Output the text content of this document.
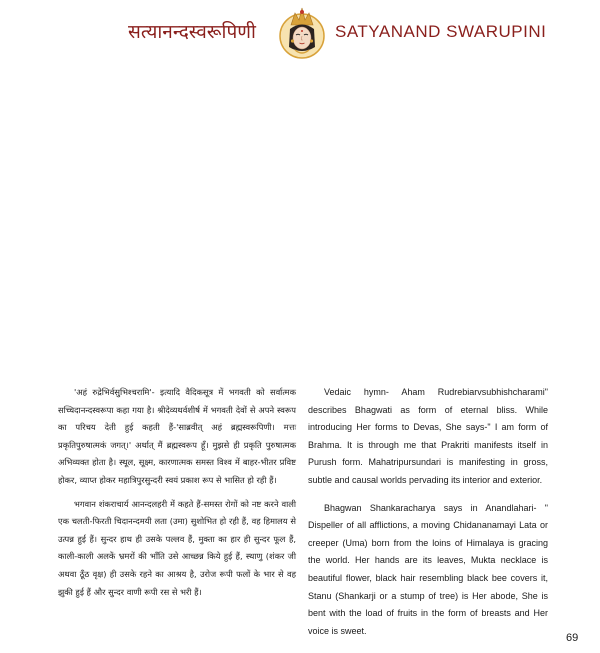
सत्यानन्दस्वरूपिणी	SATYANAND SWARUPINI

'अहं रुद्रेभिर्वसुभिश्चरामि'- इत्यादि वैदिकसूत्र में भगवती को सर्वात्मक सच्चिदानन्दस्वरूपा कहा गया है। श्रीदेव्यथर्वशीर्ष में भगवती देवों से अपने स्वरूप का परिचय देती हुई कहती हैं-'साब्रवीत् अहं ब्रह्मस्वरूपिणी। मत्तः प्रकृतिपुरुषात्मकं जगत्।' अर्थात् मैं ब्रह्मस्वरूप हूँ। मुझसे ही प्रकृति पुरुषात्मक अभिव्यक्त होता है। स्थूल, सूक्ष्म, कारणात्मक समस्त विश्व में बाहर-भीतर प्रविष्ट होकर, व्याप्त होकर महात्रिपुरसुन्दरी स्वयं प्रकाश रूप से भासित हो रही हैं।

भगवान शंकराचार्य आनन्दलहरी में कहते हैं-समस्त रोगों को नष्ट करने वाली एक चलती-फिरती चिदानन्दमयी लता (उमा) सुशोभित हो रही हैं, वह हिमालय से उत्पन्न हुई हैं। सुन्दर हाथ ही उसके पल्लव हैं, मुक्ता का हार ही सुन्दर फूल हैं, काली-काली अलकें भ्रमरों की भाँति उसे आच्छन्न किये हुई हैं, स्थाणु (शंकर जी अथवा ठूँठ वृक्ष) ही उसके रहने का आश्रय है, उरोज रूपी फलों के भार से वह झुकी हुई हैं और सुन्दर वाणी रूपी रस से भरी हैं।

Vedaic hymn- Aham Rudrebiarvsubhishcharami" describes Bhagwati as form of eternal bliss. While introducing Her forms to Devas, She says-" I am form of Brahma. It is through me that Prakriti manifests itself in Purush form. Mahatripursundari is manifesting in gross, subtle and causal worlds pervading its interior and exterior.

Bhagwan Shankaracharya says in Anandlahari- " Dispeller of all afflictions, a moving Chidananamayi Lata or creeper (Uma) born from the loins of Himalaya is gracing the world. Her hands are its leaves, Mukta necklace is beautiful flower, black hair resembling black bee covers it, Stanu (Shankarji or a stump of tree) is Her abode, She is bent with the load of fruits in the form of breasts and Her voice is sweet.

69
